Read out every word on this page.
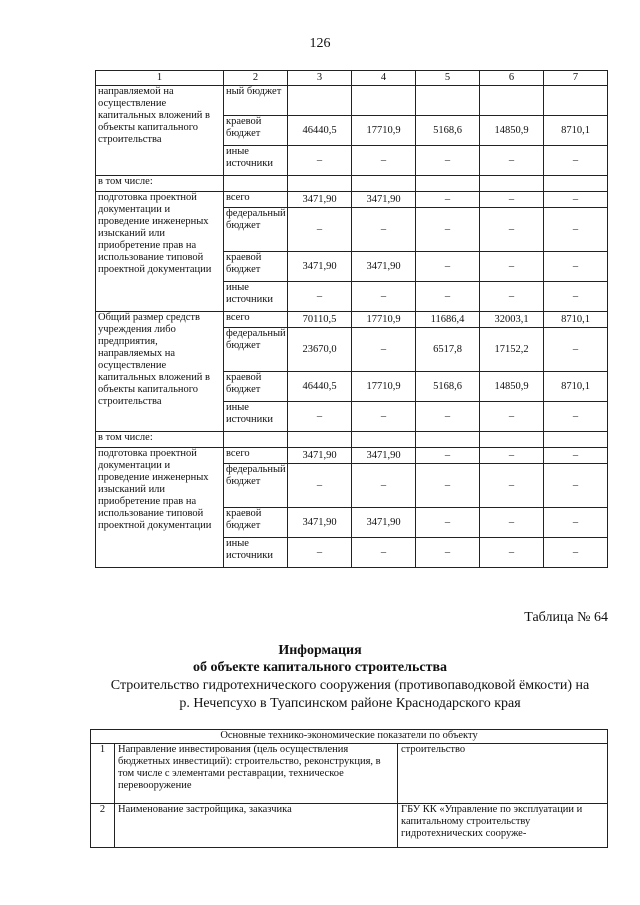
126
1	2	3	4	5	6	7
направляемой на осуществление капитальных вложений в объекты капитального строительства	ный бюджет					
	краевой бюджет	46440,5	17710,9	5168,6	14850,9	8710,1
	иные источники	–	–	–	–	–
в том числе:						
подготовка проектной документации и проведение инженерных изысканий или приобретение прав на использование типовой проектной документации	всего	3471,90	3471,90	–	–	–
	федеральный бюджет	–	–	–	–	–
	краевой бюджет	3471,90	3471,90	–	–	–
	иные источники	–	–	–	–	–
Общий размер средств учреждения либо предприятия, направляемых на осуществление капитальных вложений в объекты капитального строительства	всего	70110,5	17710,9	11686,4	32003,1	8710,1
	федеральный бюджет	23670,0	–	6517,8	17152,2	–
	краевой бюджет	46440,5	17710,9	5168,6	14850,9	8710,1
	иные источники	–	–	–	–	–
в том числе:						
подготовка проектной документации и проведение инженерных изысканий или приобретение прав на использование типовой проектной документации	всего	3471,90	3471,90	–	–	–
	федеральный бюджет	–	–	–	–	–
	краевой бюджет	3471,90	3471,90	–	–	–
	иные источники	–	–	–	–	–
Таблица № 64
Информация
об объекте капитального строительства
Строительство гидротехнического сооружения (противопаводковой ёмкости) на р. Нечепсухо в Туапсинском районе Краснодарского края
Основные технико-экономические показатели по объекту		
1	Направление инвестирования (цель осуществления бюджетных инвестиций): строительство, реконструкция, в том числе с элементами реставрации, техническое перевооружение	строительство
2	Наименование застройщика, заказчика	ГБУ КК «Управление по эксплуатации и капитальному строительству гидротехнических сооруже-
